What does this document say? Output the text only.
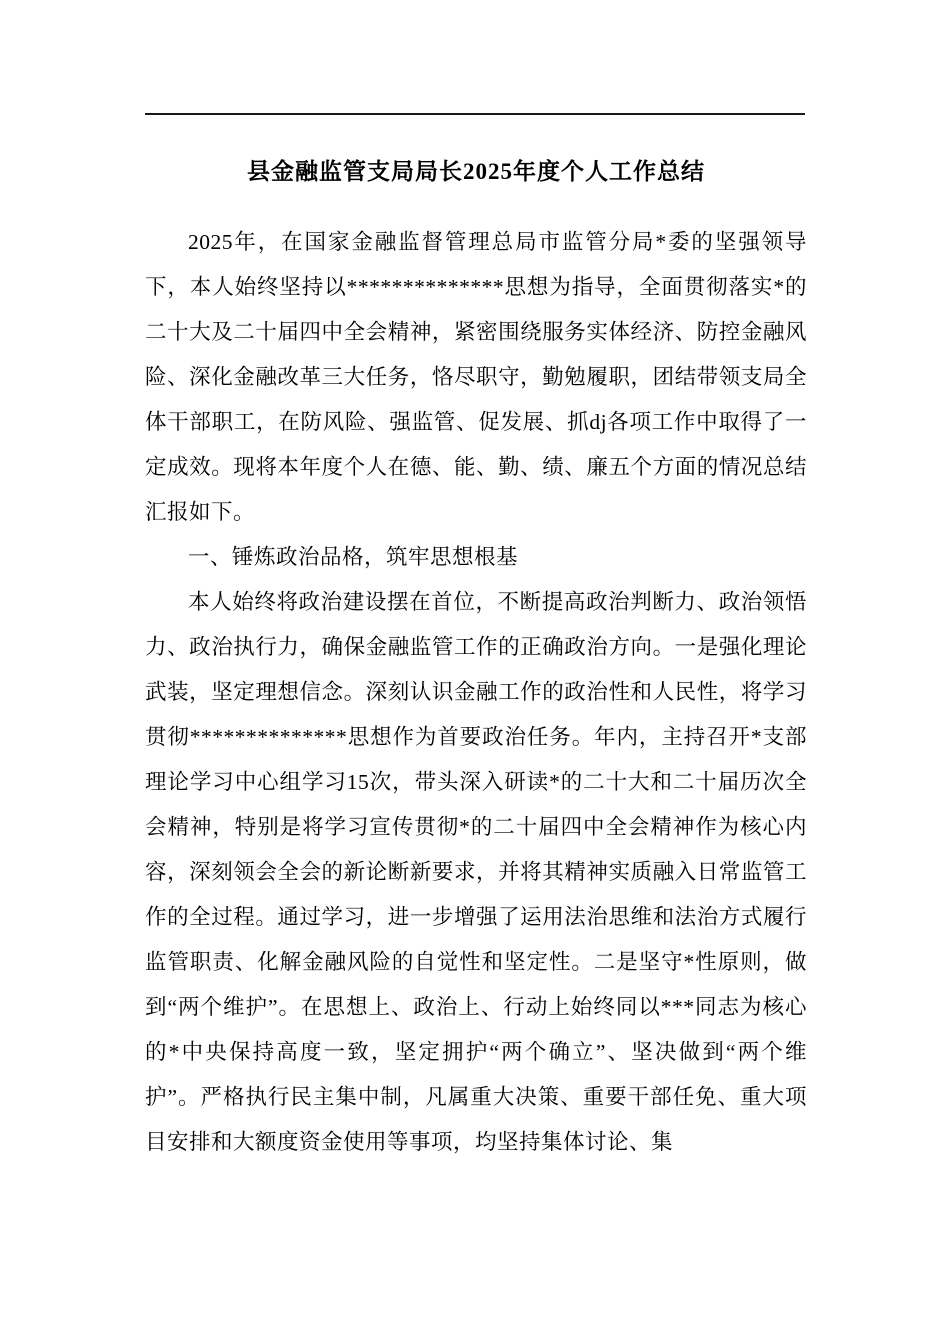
县金融监管支局局长2025年度个人工作总结

2025年，在国家金融监督管理总局市监管分局*委的坚强领导下，本人始终坚持以**************思想为指导，全面贯彻落实*的二十大及二十届四中全会精神，紧密围绕服务实体经济、防控金融风险、深化金融改革三大任务，恪尽职守，勤勉履职，团结带领支局全体干部职工，在防风险、强监管、促发展、抓dj各项工作中取得了一定成效。现将本年度个人在德、能、勤、绩、廉五个方面的情况总结汇报如下。

一、锤炼政治品格，筑牢思想根基

本人始终将政治建设摆在首位，不断提高政治判断力、政治领悟力、政治执行力，确保金融监管工作的正确政治方向。一是强化理论武装，坚定理想信念。深刻认识金融工作的政治性和人民性，将学习贯彻**************思想作为首要政治任务。年内，主持召开*支部理论学习中心组学习15次，带头深入研读*的二十大和二十届历次全会精神，特别是将学习宣传贯彻*的二十届四中全会精神作为核心内容，深刻领会全会的新论断新要求，并将其精神实质融入日常监管工作的全过程。通过学习，进一步增强了运用法治思维和法治方式履行监管职责、化解金融风险的自觉性和坚定性。二是坚守*性原则，做到“两个维护”。在思想上、政治上、行动上始终同以***同志为核心的*中央保持高度一致，坚定拥护“两个确立”、坚决做到“两个维护”。严格执行民主集中制，凡属重大决策、重要干部任免、重大项目安排和大额度资金使用等事项，均坚持集体讨论、集
